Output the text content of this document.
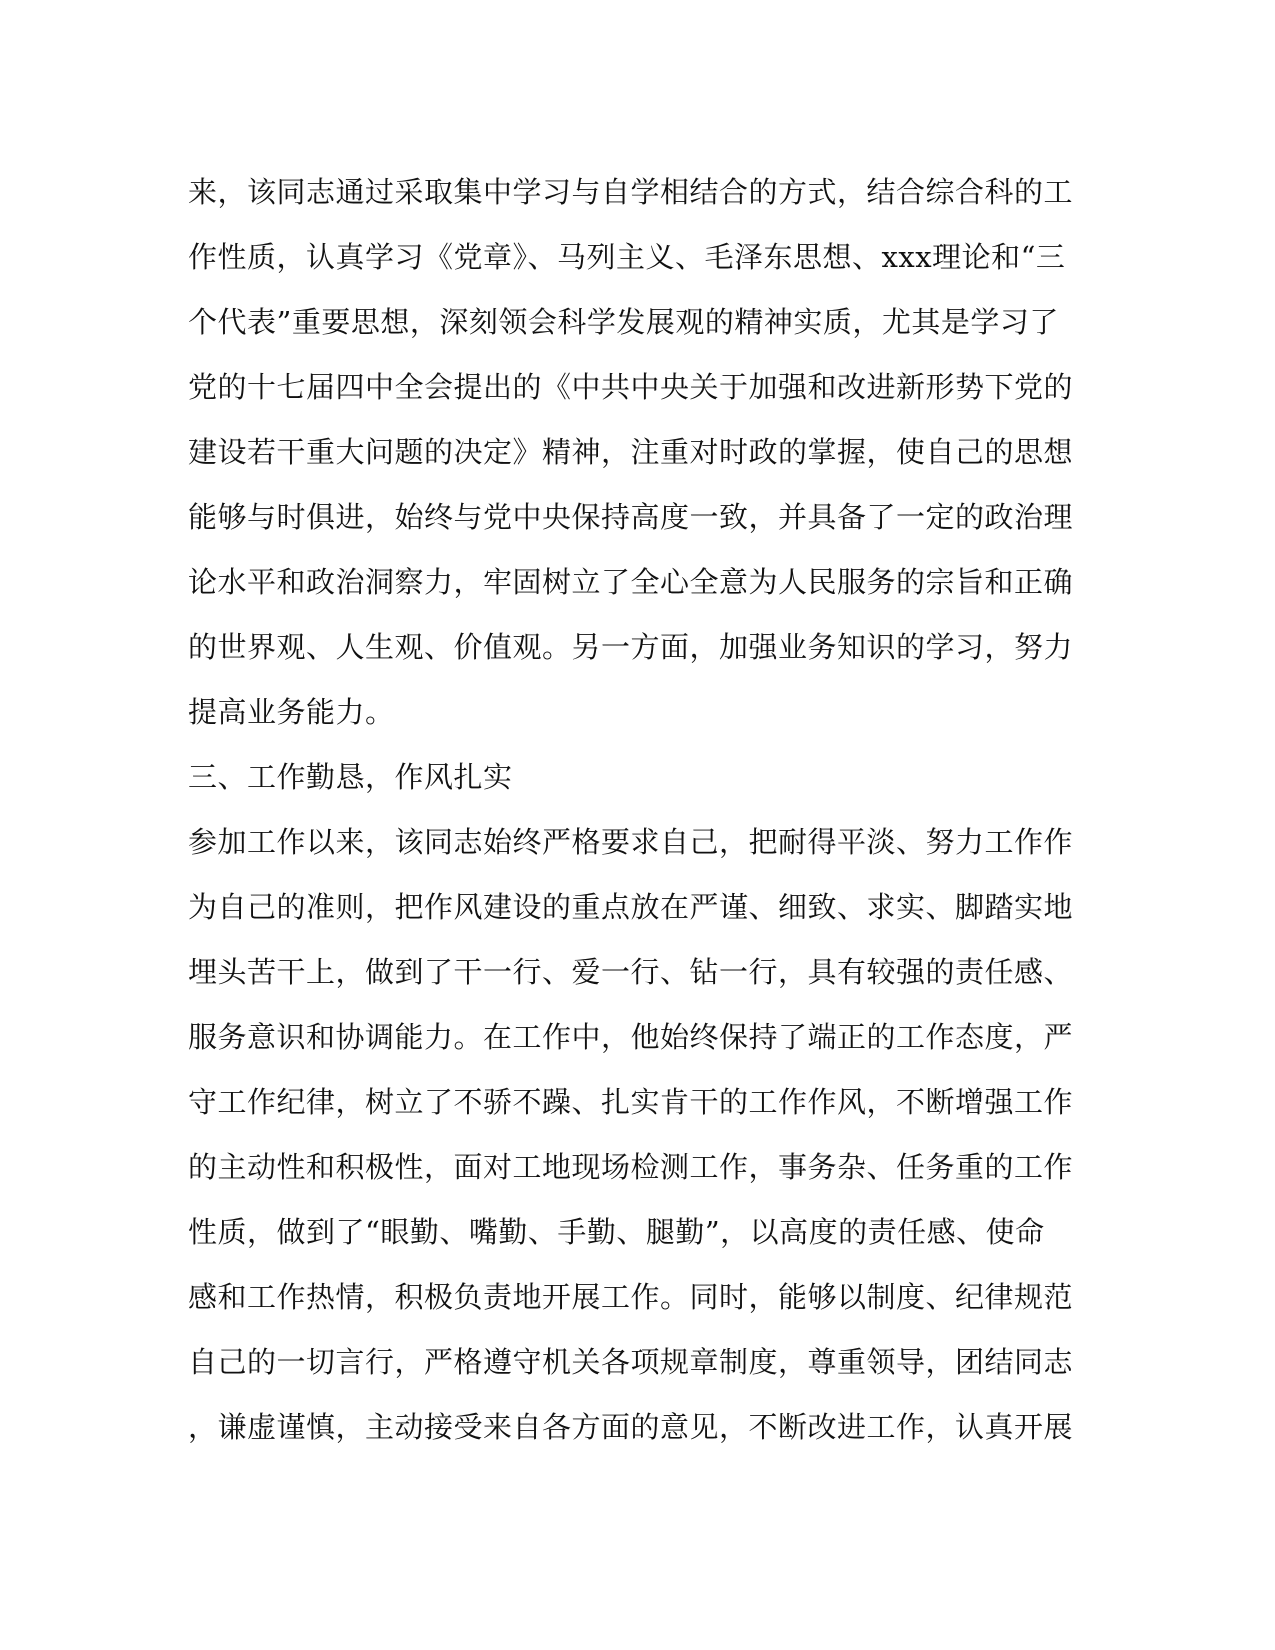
来，该同志通过采取集中学习与自学相结合的方式，结合综合科的工
作性质，认真学习《党章》、马列主义、毛泽东思想、xxx理论和“三
个代表”重要思想，深刻领会科学发展观的精神实质，尤其是学习了
党的十七届四中全会提出的《中共中央关于加强和改进新形势下党的
建设若干重大问题的决定》精神，注重对时政的掌握，使自己的思想
能够与时俱进，始终与党中央保持高度一致，并具备了一定的政治理
论水平和政治洞察力，牢固树立了全心全意为人民服务的宗旨和正确
的世界观、人生观、价值观。另一方面，加强业务知识的学习，努力
提高业务能力。
三、工作勤恳，作风扎实
参加工作以来，该同志始终严格要求自己，把耐得平淡、努力工作作
为自己的准则，把作风建设的重点放在严谨、细致、求实、脚踏实地
埋头苦干上，做到了干一行、爱一行、钻一行，具有较强的责任感、
服务意识和协调能力。在工作中，他始终保持了端正的工作态度，严
守工作纪律，树立了不骄不躁、扎实肯干的工作作风，不断增强工作
的主动性和积极性，面对工地现场检测工作，事务杂、任务重的工作
性质，做到了“眼勤、嘴勤、手勤、腿勤”，以高度的责任感、使命
感和工作热情，积极负责地开展工作。同时，能够以制度、纪律规范
自己的一切言行，严格遵守机关各项规章制度，尊重领导，团结同志
，谦虚谨慎，主动接受来自各方面的意见，不断改进工作，认真开展
